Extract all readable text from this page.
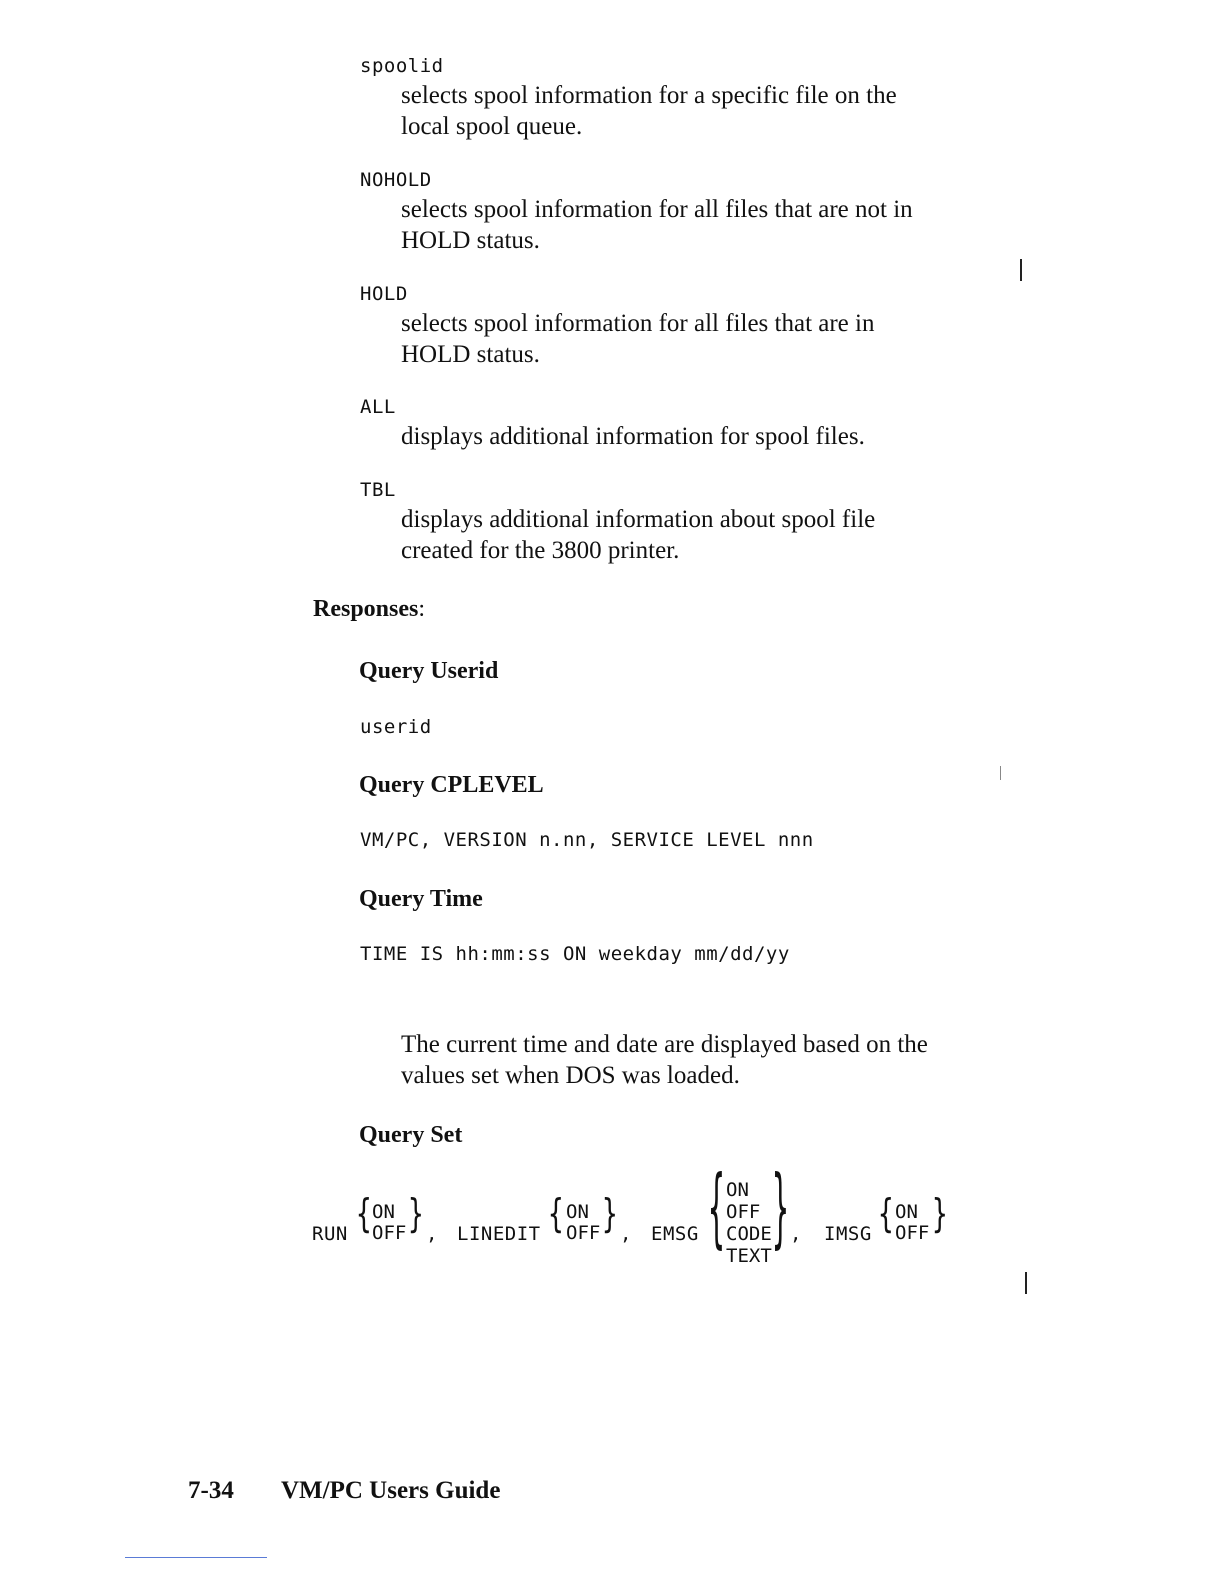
spoolid
selects spool information for a specific file on the
local spool queue.
NOHOLD
selects spool information for all files that are not in
HOLD status.
HOLD
selects spool information for all files that are in
HOLD status.
ALL
displays additional information for spool files.
TBL
displays additional information about spool file
created for the 3800 printer.
Responses:
Query Userid
userid
Query CPLEVEL
VM/PC, VERSION n.nn, SERVICE LEVEL nnn
Query Time
TIME IS hh:mm:ss ON weekday mm/dd/yy
The current time and date are displayed based on the
values set when DOS was loaded.
Query Set
RUN { ON
OFF } , LINEDIT { ON
OFF } , EMSG { ON
OFF
CODE
TEXT } , IMSG { ON
OFF }
7-34 VM/PC Users Guide
